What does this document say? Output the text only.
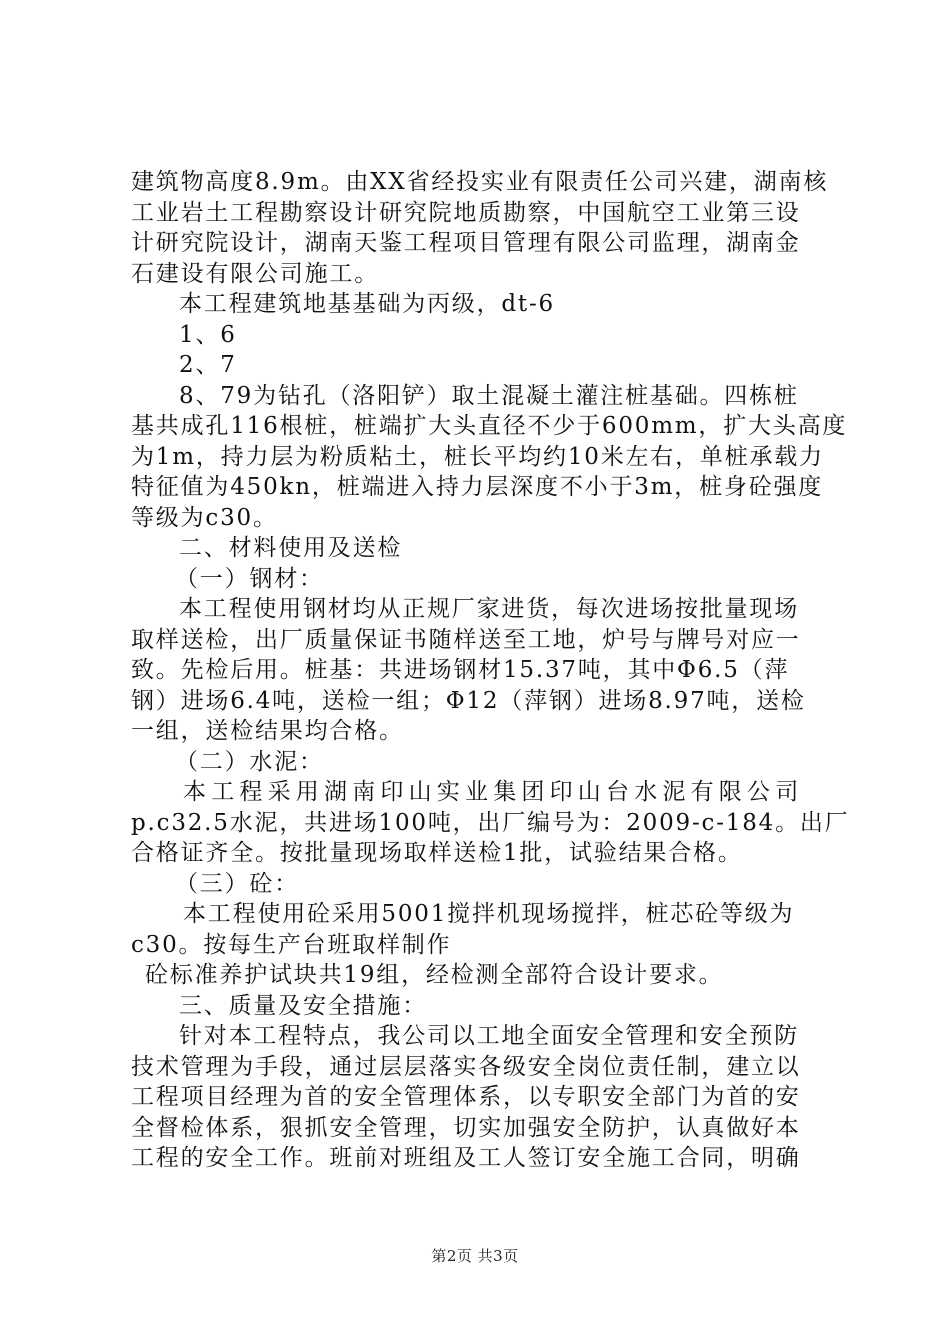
建筑物高度8.9m。由XX省经投实业有限责任公司兴建，湖南核
工业岩土工程勘察设计研究院地质勘察，中国航空工业第三设
计研究院设计，湖南天鉴工程项目管理有限公司监理，湖南金
石建设有限公司施工。
本工程建筑地基基础为丙级，dt-6
1、6
2、7
8、79为钻孔（洛阳铲）取土混凝土灌注桩基础。四栋桩
基共成孔116根桩，桩端扩大头直径不少于600mm，扩大头高度
为1m，持力层为粉质粘土，桩长平均约10米左右，单桩承载力
特征值为450kn，桩端进入持力层深度不小于3m，桩身砼强度
等级为c30。
二、材料使用及送检
（一）钢材：
本工程使用钢材均从正规厂家进货，每次进场按批量现场
取样送检，出厂质量保证书随样送至工地，炉号与牌号对应一
致。先检后用。桩基：共进场钢材15.37吨，其中Φ6.5（萍
钢）进场6.4吨，送检一组；Φ12（萍钢）进场8.97吨，送检
一组，送检结果均合格。
（二）水泥：
本工程采用湖南印山实业集团印山台水泥有限公司
p.c32.5水泥，共进场100吨，出厂编号为：2009-c-184。出厂
合格证齐全。按批量现场取样送检1批，试验结果合格。
（三）砼：
本工程使用砼采用5001搅拌机现场搅拌，桩芯砼等级为
c30。按每生产台班取样制作
砼标准养护试块共19组，经检测全部符合设计要求。
三、质量及安全措施：
针对本工程特点，我公司以工地全面安全管理和安全预防
技术管理为手段，通过层层落实各级安全岗位责任制，建立以
工程项目经理为首的安全管理体系，以专职安全部门为首的安
全督检体系，狠抓安全管理，切实加强安全防护，认真做好本
工程的安全工作。班前对班组及工人签订安全施工合同，明确
第2页 共3页
